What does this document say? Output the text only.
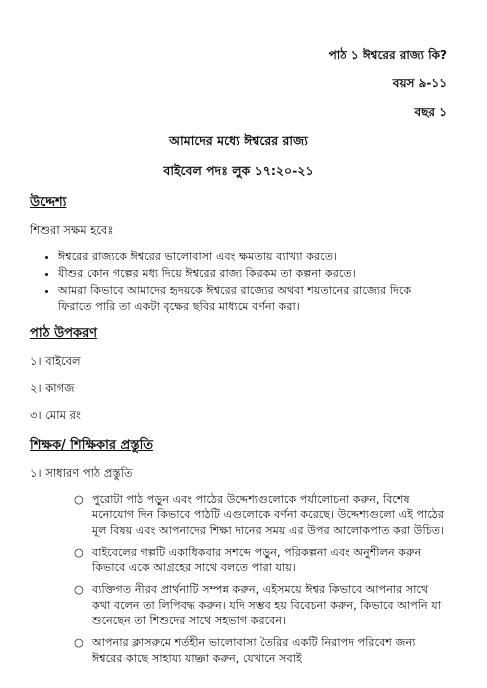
পাঠ ১ ঈশ্বরের রাজ্য কি?
বয়স ৯-১১
বছর ১
আমাদের মধ্যে ঈশ্বরের রাজ্য
বাইবেল পদঃ লুক ১৭:২০-২১
উদ্দেশ্য
শিশুরা সক্ষম হবেঃ
• ঈশ্বরের রাজ্যকে ঈশ্বরের ভালোবাসা এবং ক্ষমতায় ব্যাখ্যা করতে।
• যীশুর কোন গল্পের মধ্য দিয়ে ঈশ্বরের রাজ্য কিরকম তা কল্পনা করতে।
• আমরা কিভাবে আমাদের হৃদয়কে ঈশ্বরের রাজ্যের অথবা শয়তানের রাজ্যের দিকে ফিরাতে পারি তা একটা বৃক্ষের ছবির মাধ্যমে বর্ণনা করা।
পাঠ উপকরণ
১। বাইবেল
২। কাগজ
৩। মোম রং
শিক্ষক/ শিক্ষিকার প্রস্তুতি
১। সাধারণ পাঠ প্রস্তুতি
○ পুরোটা পাঠ পড়ুন এবং পাঠের উদ্দেশ্যগুলোকে পর্যালোচনা করুন, বিশেষ মনোযোগ দিন কিভাবে পাঠটি এগুলোকে বর্ণনা করেছে। উদ্দেশ্যগুলো এই পাঠের মূল বিষয় এবং আপনাদের শিক্ষা দানের সময় এর উপর আলোকপাত করা উচিত।
○ বাইবেলের গল্পটি একাধিকবার সশব্দে পড়ুন, পরিকল্পনা এবং অনুশীলন করুন কিভাবে একে আগ্রহের সাথে বলতে পারা যায়।
○ ব্যক্তিগত নীরব প্রার্থনাটি সম্পন্ন করুন, এইসময়ে ঈশ্বর কিভাবে আপনার সাথে কথা বলেন তা লিপিবদ্ধ করুন। যদি সম্ভব হয় বিবেচনা করুন, কিভাবে আপনি যা শুনেছেন তা শিশুদের সাথে সহভাগ করবেন।
○ আপনার ক্লাসরুমে শর্তহীন ভালোবাসা তৈরির একটি নিরাপদ পরিবেশ জন্য ঈশ্বরের কাছে সাহায্য যাচ্ঞা করুন, যেখানে সবাই
